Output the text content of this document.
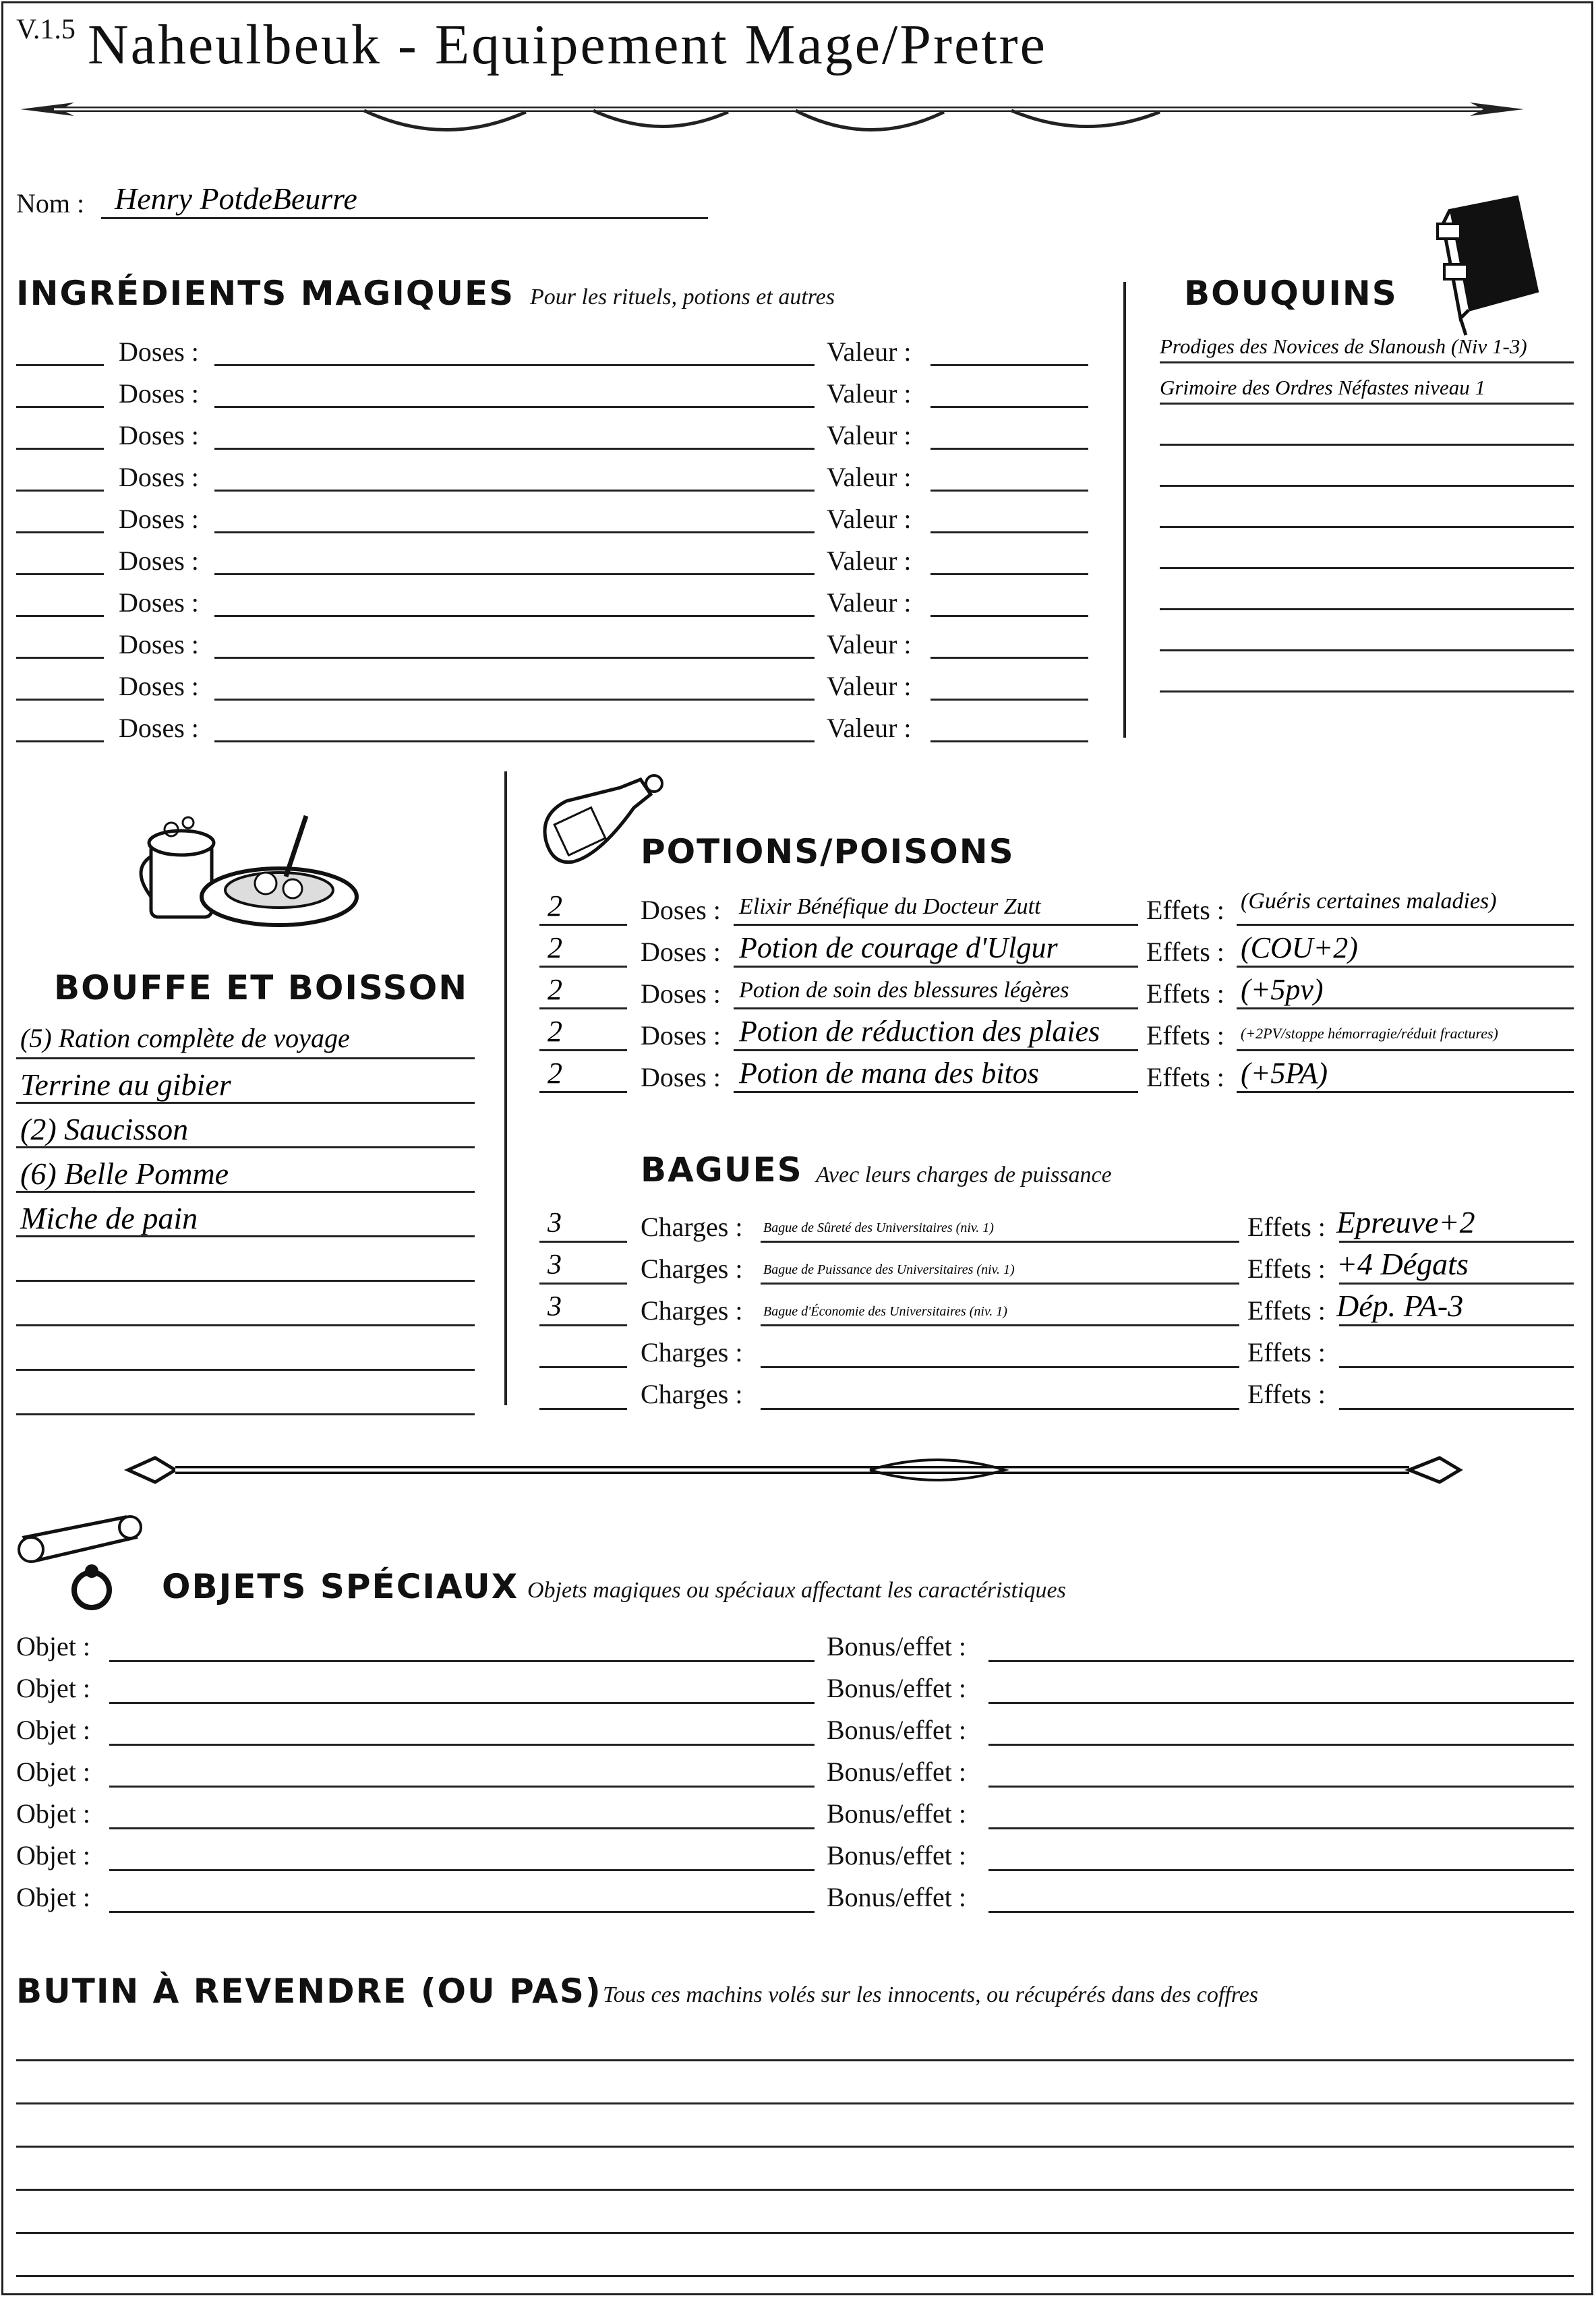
V.1.5 Naheulbeuk - Equipement Mage/Pretre
Nom : Henry PotdeBeurre
INGRÉDIENTS MAGIQUES Pour les rituels, potions et autres
Doses :	Valeur :
Doses :	Valeur :
Doses :	Valeur :
Doses :	Valeur :
Doses :	Valeur :
Doses :	Valeur :
Doses :	Valeur :
Doses :	Valeur :
Doses :	Valeur :
Doses :	Valeur :
BOUQUINS
Prodiges des Novices de Slanoush (Niv 1-3)
Grimoire des Ordres Néfastes niveau 1
BOUFFE ET BOISSON
(5) Ration complète de voyage
Terrine au gibier
(2) Saucisson
(6) Belle Pomme
Miche de pain
POTIONS/POISONS
2	Doses : Elixir Bénéfique du Docteur Zutt	Effets : (Guéris certaines maladies)
2	Doses : Potion de courage d'Ulgur	Effets : (COU+2)
2	Doses : Potion de soin des blessures légères	Effets : (+5pv)
2	Doses : Potion de réduction des plaies Effets : (+2PV/stoppe hémorragie/réduit fractures)
2	Doses : Potion de mana des bitos	Effets : (+5PA)
BAGUES Avec leurs charges de puissance
3	Charges : Bague de Sûreté des Universitaires (niv. 1)	Effets : Epreuve+2
3	Charges : Bague de Puissance des Universitaires (niv. 1)	Effets : +4 Dégats
3	Charges : Bague d'Économie des Universitaires (niv. 1)	Effets : Dép. PA-3
Charges :	Effets :
Charges :	Effets :
OBJETS SPÉCIAUX Objets magiques ou spéciaux affectant les caractéristiques
Objet :	Bonus/effet :
Objet :	Bonus/effet :
Objet :	Bonus/effet :
Objet :	Bonus/effet :
Objet :	Bonus/effet :
Objet :	Bonus/effet :
Objet :	Bonus/effet :
BUTIN À REVENDRE (OU PAS) Tous ces machins volés sur les innocents, ou récupérés dans des coffres
